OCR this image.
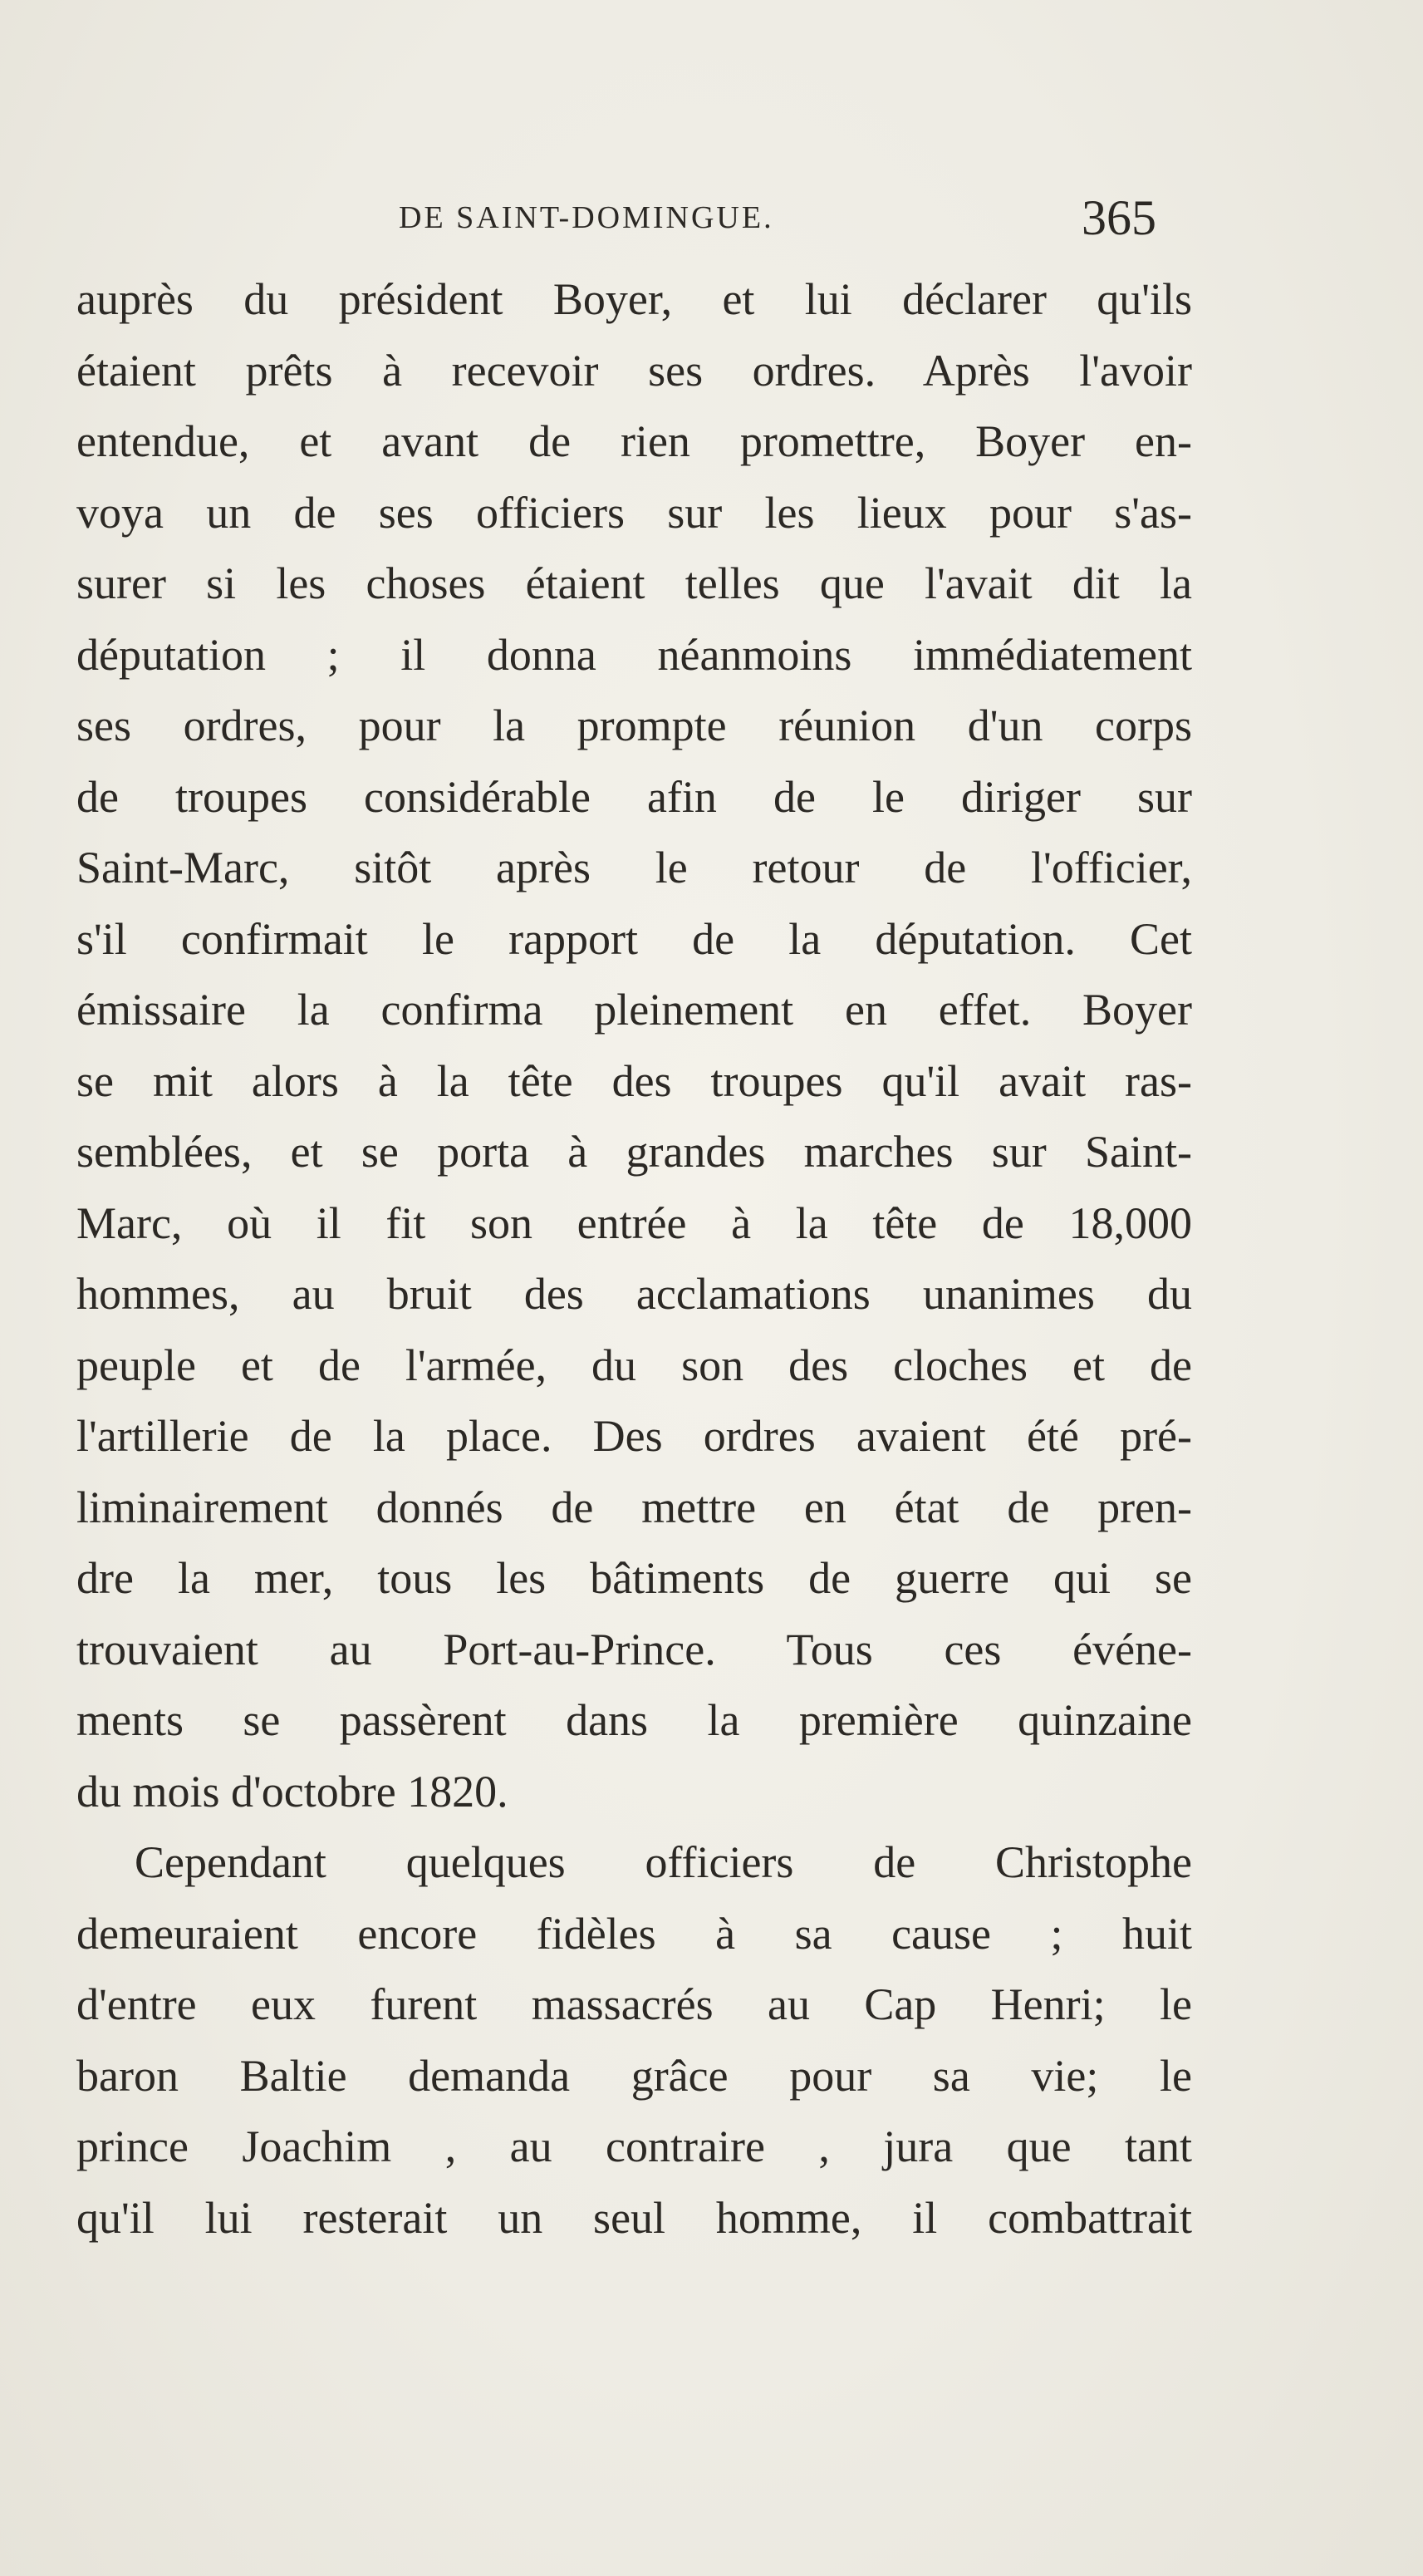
DE SAINT-DOMINGUE.	365

auprès du président Boyer, et lui déclarer qu'ils
étaient prêts à recevoir ses ordres. Après l'avoir
entendue, et avant de rien promettre, Boyer en-
voya un de ses officiers sur les lieux pour s'as-
surer si les choses étaient telles que l'avait dit la
députation ; il donna néanmoins immédiatement
ses ordres, pour la prompte réunion d'un corps
de troupes considérable afin de le diriger sur
Saint-Marc, sitôt après le retour de l'officier,
s'il confirmait le rapport de la députation. Cet
émissaire la confirma pleinement en effet. Boyer
se mit alors à la tête des troupes qu'il avait ras-
semblées, et se porta à grandes marches sur Saint-
Marc, où il fit son entrée à la tête de 18,000
hommes, au bruit des acclamations unanimes du
peuple et de l'armée, du son des cloches et de
l'artillerie de la place. Des ordres avaient été pré-
liminairement donnés de mettre en état de pren-
dre la mer, tous les bâtiments de guerre qui se
trouvaient au Port-au-Prince. Tous ces événe-
ments se passèrent dans la première quinzaine
du mois d'octobre 1820.

Cependant quelques officiers de Christophe
demeuraient encore fidèles à sa cause ; huit
d'entre eux furent massacrés au Cap Henri; le
baron Baltie demanda grâce pour sa vie; le
prince Joachim , au contraire , jura que tant
qu'il lui resterait un seul homme, il combattrait
